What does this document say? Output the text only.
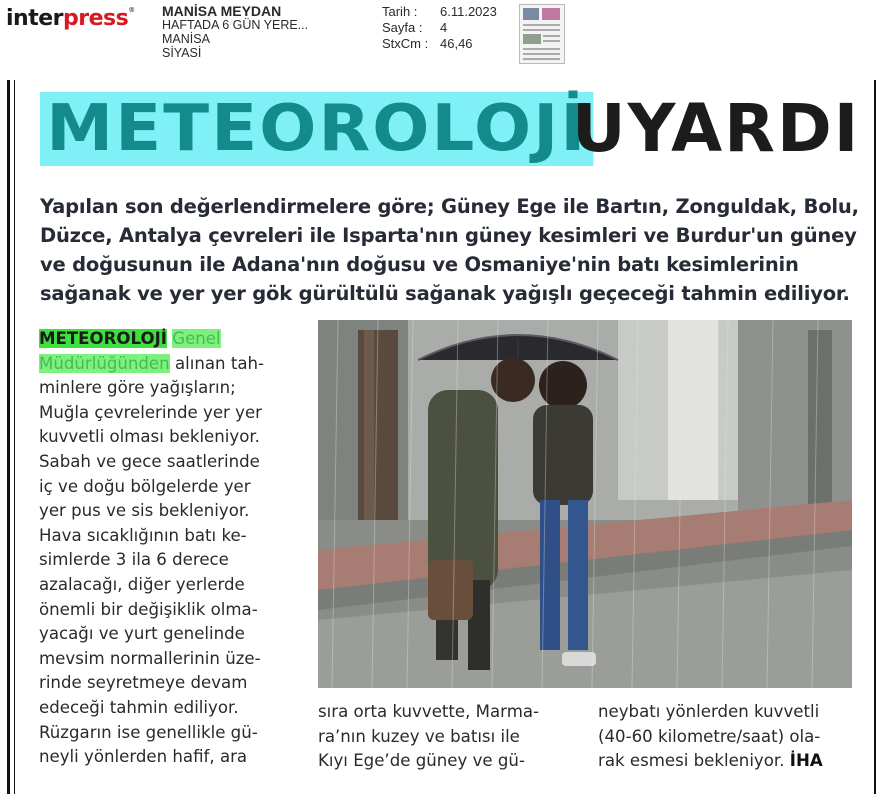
interpress® MANİSA MEYDAN
HAFTADA 6 GÜN YERE...
MANİSA
SİYASİ
Tarih :	6.11.2023
Sayfa :	4
StxCm : 46,46
METEOROLOJİ
UYARDI
Yapılan son değerlendirmelere göre; Güney Ege ile Bartın, Zonguldak, Bolu,
Düzce, Antalya çevreleri ile Isparta'nın güney kesimleri ve Burdur'un güney
ve doğusunun ile Adana'nın doğusu ve Osmaniye'nin batı kesimlerinin
sağanak ve yer yer gök gürültülü sağanak yağışlı geçeceği tahmin ediliyor.
METEOROLOJİ Genel
Müdürlüğünden alınan tah-
minlere göre yağışların;
Muğla çevrelerinde yer yer
kuvvetli olması bekleniyor.
Sabah ve gece saatlerinde
iç ve doğu bölgelerde yer
yer pus ve sis bekleniyor.
Hava sıcaklığının batı ke-
simlerde 3 ila 6 derece
azalacağı, diğer yerlerde
önemli bir değişiklik olma-
yacağı ve yurt genelinde
mevsim normallerinin üze-
rinde seyretmeye devam
edeceği tahmin ediliyor.
Rüzgarın ise genellikle gü-
neyli yönlerden hafif, ara
sıra orta kuvvette, Marma-
ra’nın kuzey ve batısı ile
Kıyı Ege’de güney ve gü-
neybatı yönlerden kuvvetli
(40-60 kilometre/saat) ola-
rak esmesi bekleniyor. İHA
